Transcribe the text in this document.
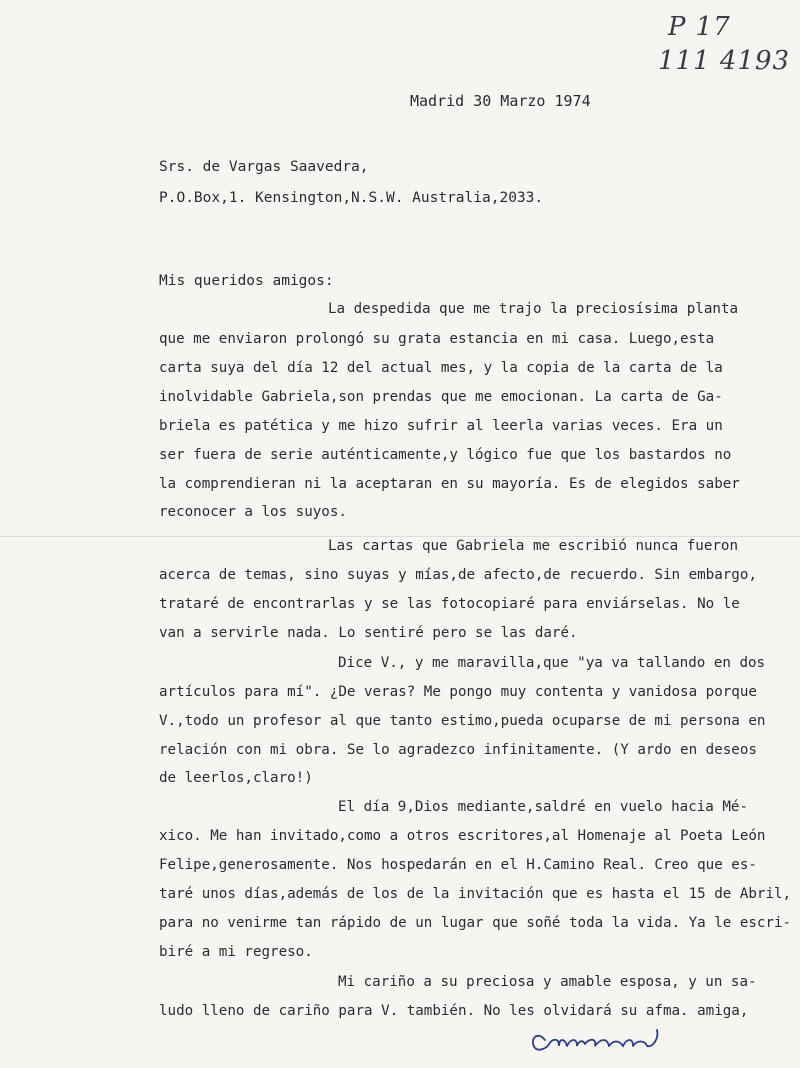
P 17
111 4193
Madrid 30 Marzo 1974
Srs. de Vargas Saavedra,
P.O.Box,1. Kensington,N.S.W. Australia,2033.
Mis queridos amigos:
La despedida que me trajo la preciosísima planta
que me enviaron prolongó su grata estancia en mi casa. Luego,esta
carta suya del día 12 del actual mes, y la copia de la carta de la
inolvidable Gabriela,son prendas que me emocionan. La carta de Ga-
briela es patética y me hizo sufrir al leerla varias veces. Era un
ser fuera de serie auténticamente,y lógico fue que los bastardos no
la comprendieran ni la aceptaran en su mayoría. Es de elegidos saber
reconocer a los suyos.
Las cartas que Gabriela me escribió nunca fueron
acerca de temas, sino suyas y mías,de afecto,de recuerdo. Sin embargo,
trataré de encontrarlas y se las fotocopiaré para enviárselas. No le
van a servirle nada. Lo sentiré pero se las daré.
Dice V., y me maravilla,que "ya va tallando en dos
artículos para mí". ¿De veras? Me pongo muy contenta y vanidosa porque
V.,todo un profesor al que tanto estimo,pueda ocuparse de mi persona en
relación con mi obra. Se lo agradezco infinitamente. (Y ardo en deseos
de leerlos,claro!)
El día 9,Dios mediante,saldré en vuelo hacia Mé-
xico. Me han invitado,como a otros escritores,al Homenaje al Poeta León
Felipe,generosamente. Nos hospedarán en el H.Camino Real. Creo que es-
taré unos días,además de los de la invitación que es hasta el 15 de Abril,
para no venirme tan rápido de un lugar que soñé toda la vida. Ya le escri-
biré a mi regreso.
Mi cariño a su preciosa y amable esposa, y un sa-
ludo lleno de cariño para V. también. No les olvidará su afma. amiga,
